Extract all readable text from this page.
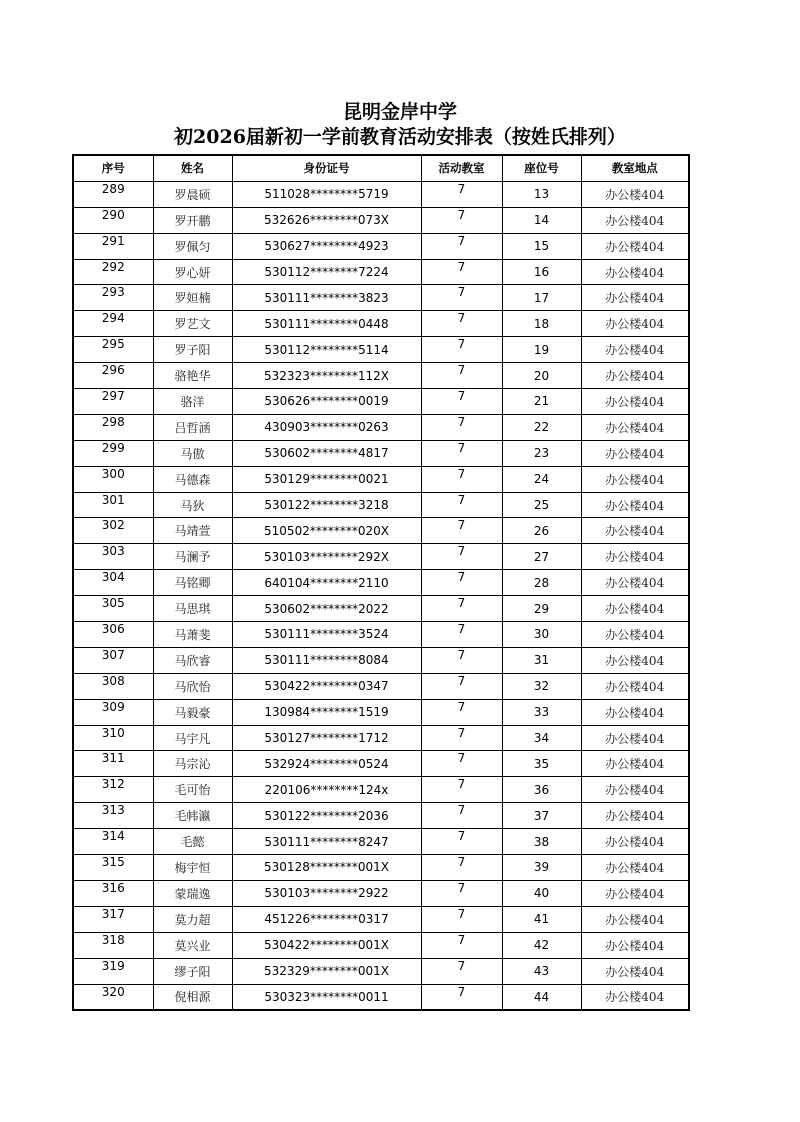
昆明金岸中学
初2026届新初一学前教育活动安排表（按姓氏排列）
序号	姓名	身份证号	活动教室	座位号	教室地点
289	罗晨硕	511028********5719	7	13	办公楼404
290	罗开鹏	532626********073X	7	14	办公楼404
291	罗佩匀	530627********4923	7	15	办公楼404
292	罗心妍	530112********7224	7	16	办公楼404
293	罗姮楠	530111********3823	7	17	办公楼404
294	罗艺文	530111********0448	7	18	办公楼404
295	罗子阳	530112********5114	7	19	办公楼404
296	骆艳华	532323********112X	7	20	办公楼404
297	骆洋	530626********0019	7	21	办公楼404
298	吕哲涵	430903********0263	7	22	办公楼404
299	马傲	530602********4817	7	23	办公楼404
300	马德森	530129********0021	7	24	办公楼404
301	马狄	530122********3218	7	25	办公楼404
302	马靖萱	510502********020X	7	26	办公楼404
303	马澜予	530103********292X	7	27	办公楼404
304	马铭卿	640104********2110	7	28	办公楼404
305	马思琪	530602********2022	7	29	办公楼404
306	马萧斐	530111********3524	7	30	办公楼404
307	马欣睿	530111********8084	7	31	办公楼404
308	马欣怡	530422********0347	7	32	办公楼404
309	马毅豪	130984********1519	7	33	办公楼404
310	马宇凡	530127********1712	7	34	办公楼404
311	马宗沁	532924********0524	7	35	办公楼404
312	毛可怡	220106********124x	7	36	办公楼404
313	毛帏瀛	530122********2036	7	37	办公楼404
314	毛懿	530111********8247	7	38	办公楼404
315	梅宇恒	530128********001X	7	39	办公楼404
316	蒙瑞逸	530103********2922	7	40	办公楼404
317	莫力超	451226********0317	7	41	办公楼404
318	莫兴业	530422********001X	7	42	办公楼404
319	缪子阳	532329********001X	7	43	办公楼404
320	倪相源	530323********0011	7	44	办公楼404
